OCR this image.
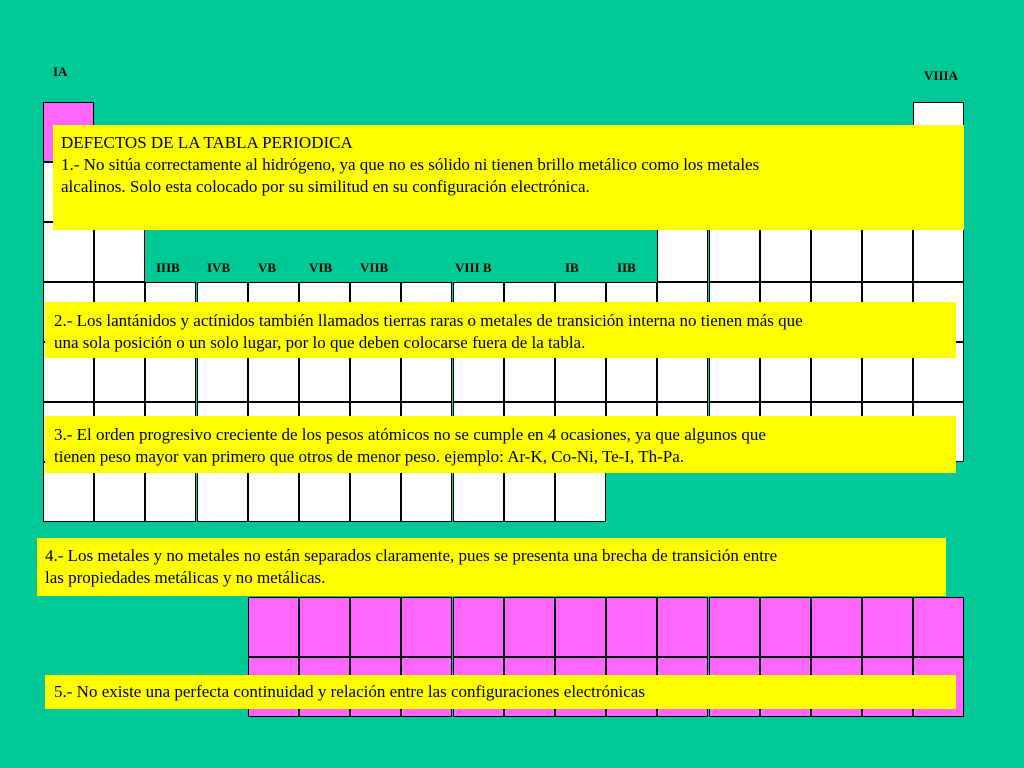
IA	VIIIA
IIIB IVB VB	VIB VIIB	VIII B	IB	IIB

DEFECTOS DE LA TABLA PERIODICA

1.- No sitúa correctamente al hidrógeno, ya que no es sólido ni tienen brillo metálico como los metales

alcalinos. Solo esta colocado por su similitud en su configuración electrónica.

2.- Los lantánidos y actínidos también llamados tierras raras o metales de transición interna no tienen más que

una sola posición o un solo lugar, por lo que deben colocarse fuera de la tabla.

3.- El orden progresivo creciente de los pesos atómicos no se cumple en 4 ocasiones, ya que algunos que

tienen peso mayor van primero que otros de menor peso. ejemplo: Ar-K, Co-Ni, Te-I, Th-Pa.

4.- Los metales y no metales no están separados claramente, pues se presenta una brecha de transición entre

las propiedades metálicas y no metálicas.

5.- No existe una perfecta continuidad y relación entre las configuraciones electrónicas
